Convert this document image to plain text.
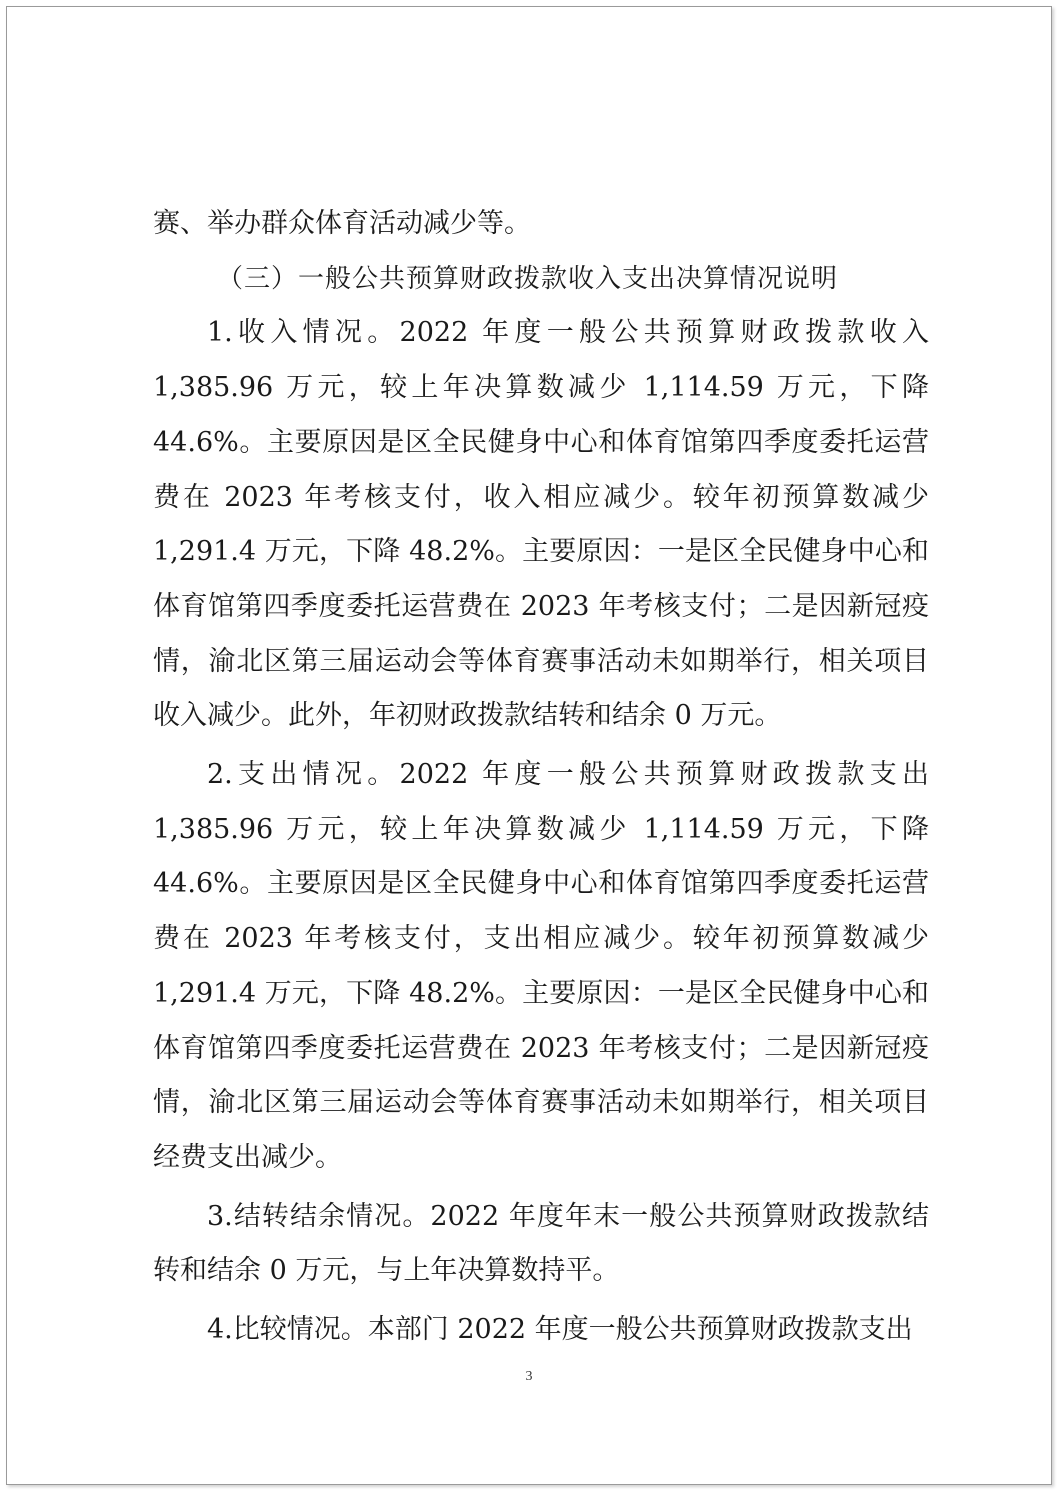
赛、举办群众体育活动减少等。

（三）一般公共预算财政拨款收入支出决算情况说明

1.收入情况。2022 年度一般公共预算财政拨款收入 1,385.96 万元，较上年决算数减少 1,114.59 万元，下降 44.6%。主要原因是区全民健身中心和体育馆第四季度委托运营费在 2023 年考核支付，收入相应减少。较年初预算数减少 1,291.4 万元，下降 48.2%。主要原因：一是区全民健身中心和体育馆第四季度委托运营费在 2023 年考核支付；二是因新冠疫情，渝北区第三届运动会等体育赛事活动未如期举行，相关项目收入减少。此外，年初财政拨款结转和结余 0 万元。

2.支出情况。2022 年度一般公共预算财政拨款支出 1,385.96 万元，较上年决算数减少 1,114.59 万元，下降 44.6%。主要原因是区全民健身中心和体育馆第四季度委托运营费在 2023 年考核支付，支出相应减少。较年初预算数减少 1,291.4 万元，下降 48.2%。主要原因：一是区全民健身中心和体育馆第四季度委托运营费在 2023 年考核支付；二是因新冠疫情，渝北区第三届运动会等体育赛事活动未如期举行，相关项目经费支出减少。

3.结转结余情况。2022 年度年末一般公共预算财政拨款结转和结余 0 万元，与上年决算数持平。

4.比较情况。本部门 2022 年度一般公共预算财政拨款支出

3
